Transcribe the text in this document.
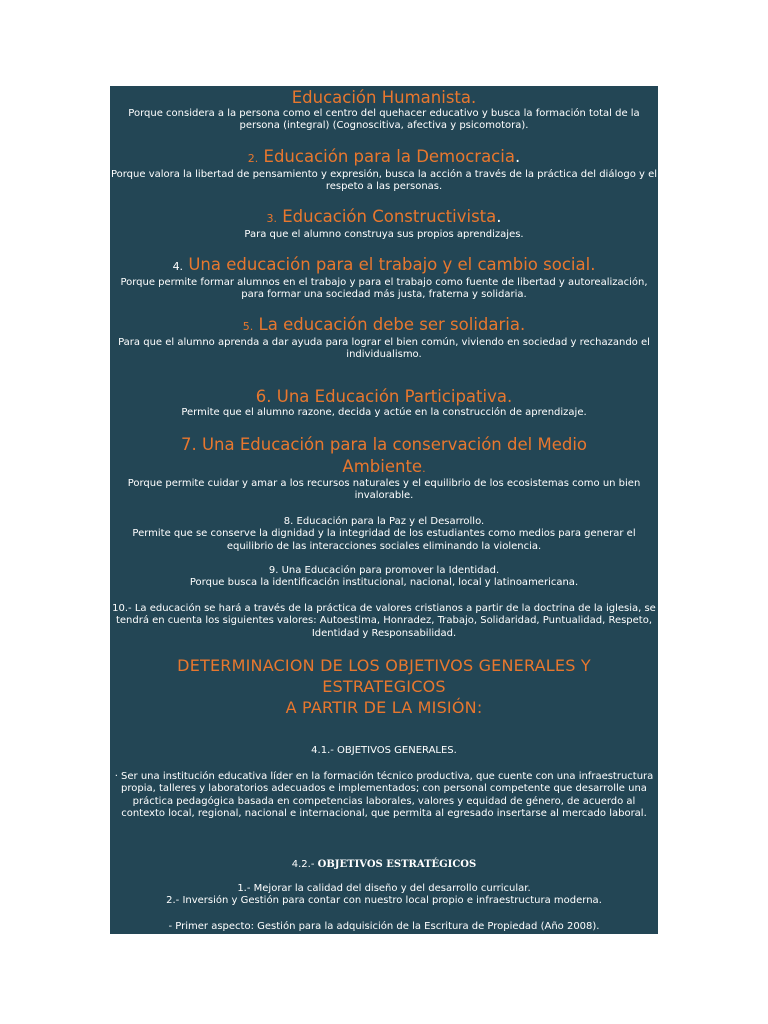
Educación Humanista.
Porque considera a la persona como el centro del quehacer educativo y busca la formación total de la persona (integral) (Cognoscitiva, afectiva y psicomotora).
2. Educación para la Democracia.
Porque valora la libertad de pensamiento y expresión, busca la acción a través de la práctica del diálogo y el respeto a las personas.
3. Educación Constructivista.
Para que el alumno construya sus propios aprendizajes.
4. Una educación para el trabajo y el cambio social.
Porque permite formar alumnos en el trabajo y para el trabajo como fuente de libertad y autorealización, para formar una sociedad más justa, fraterna y solidaria.
5. La educación debe ser solidaria.
Para que el alumno aprenda a dar ayuda para lograr el bien común, viviendo en sociedad y rechazando el individualismo.
6. Una Educación Participativa.
Permite que el alumno razone, decida y actúe en la construcción de aprendizaje.
7. Una Educación para la conservación del Medio Ambiente.
Porque permite cuidar y amar a los recursos naturales y el equilibrio de los ecosistemas como un bien invalorable.
8. Educación para la Paz y el Desarrollo.
Permite que se conserve la dignidad y la integridad de los estudiantes como medios para generar el equilibrio de las interacciones sociales eliminando la violencia.
9. Una Educación para promover la Identidad.
Porque busca la identificación institucional, nacional, local y latinoamericana.
10.- La educación se hará a través de la práctica de valores cristianos a partir de la doctrina de la iglesia, se tendrá en cuenta los siguientes valores: Autoestima, Honradez, Trabajo, Solidaridad, Puntualidad, Respeto, Identidad y Responsabilidad.
DETERMINACION DE LOS OBJETIVOS GENERALES Y ESTRATEGICOS
A PARTIR DE LA MISIÓN:
4.1.- OBJETIVOS GENERALES.
· Ser una institución educativa líder en la formación técnico productiva, que cuente con una infraestructura propia, talleres y laboratorios adecuados e implementados; con personal competente que desarrolle una práctica pedagógica basada en competencias laborales, valores y equidad de género, de acuerdo al contexto local, regional, nacional e internacional, que permita al egresado insertarse al mercado laboral.
4.2.- OBJETIVOS ESTRATÉGICOS
1.- Mejorar la calidad del diseño y del desarrollo curricular.
2.- Inversión y Gestión para contar con nuestro local propio e infraestructura moderna.
- Primer aspecto: Gestión para la adquisición de la Escritura de Propiedad (Año 2008).
